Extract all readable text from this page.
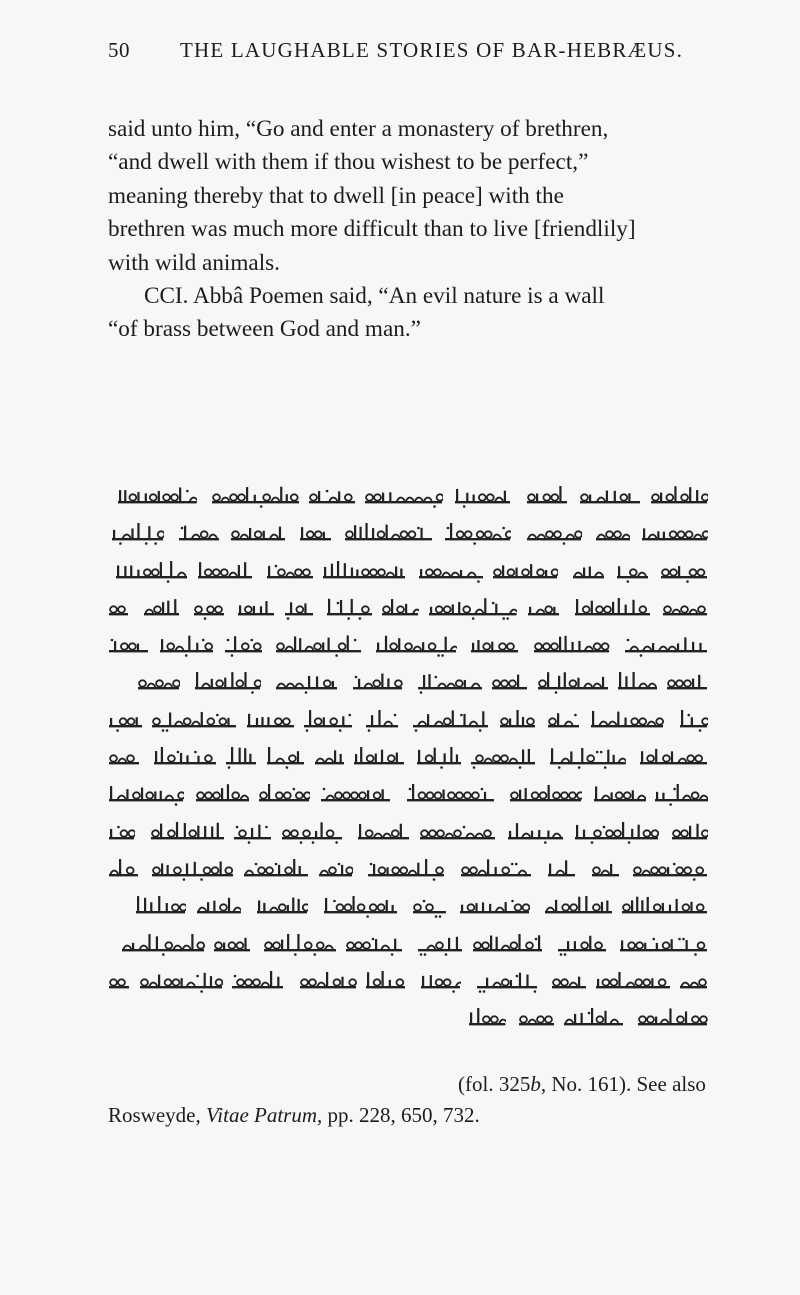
50 THE LAUGHABLE STORIES OF BAR-HEBRÆUS.

said unto him, “Go and enter a monastery of brethren,
“and dwell with them if thou wishest to be perfect,”
meaning thereby that to dwell [in peace] with the
brethren was much more difficult than to live [friendlily]
with wild animals.

CCI. Abbâ Poemen said, “An evil nature is a wall
“of brass between God and man.”

(fol. 325b, No. 161). See also
Rosweyde, Vitae Patrum, pp. 228, 650, 732.
